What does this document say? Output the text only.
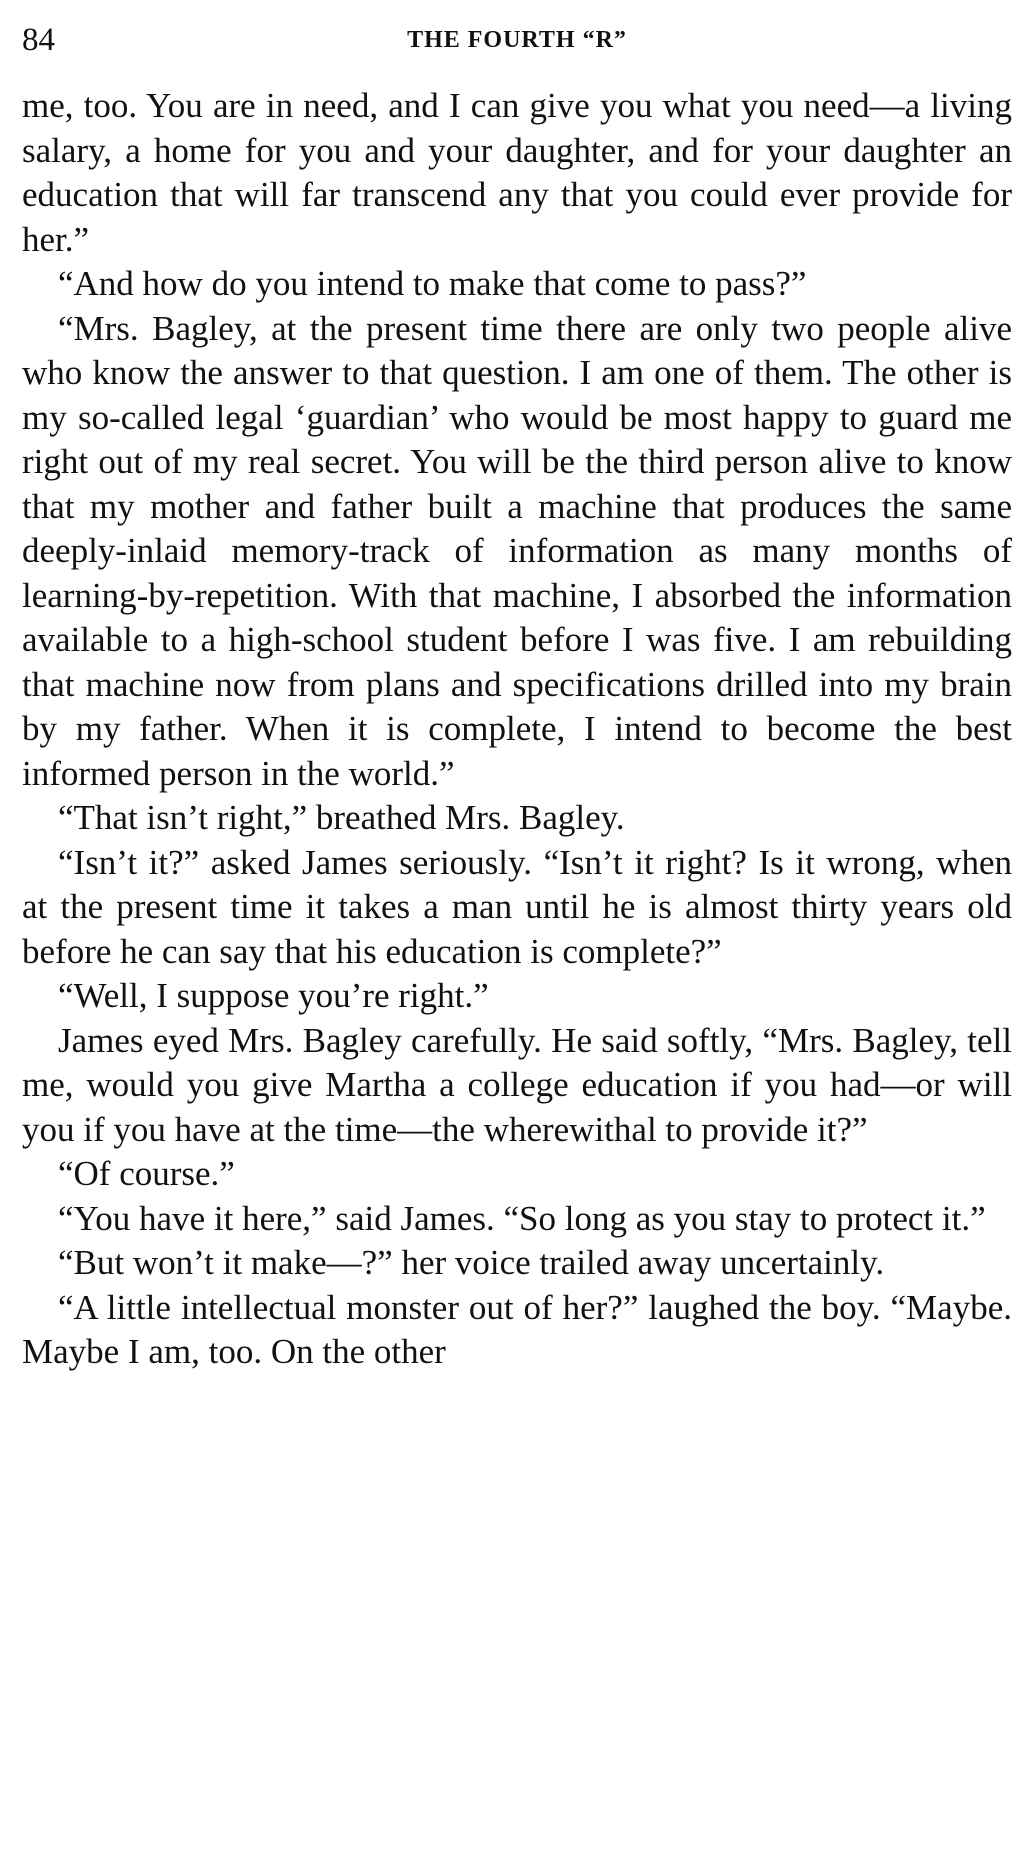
84	THE FOURTH “R”

me, too. You are in need, and I can give you what you need—a living salary, a home for you and your daughter, and for your daughter an education that will far transcend any that you could ever provide for her.”

“And how do you intend to make that come to pass?”

“Mrs. Bagley, at the present time there are only two people alive who know the answer to that question. I am one of them. The other is my so-called legal ‘guardian’ who would be most happy to guard me right out of my real secret. You will be the third person alive to know that my mother and father built a machine that produces the same deeply-inlaid memory-track of information as many months of learning-by-repetition. With that machine, I absorbed the information available to a high-school student before I was five. I am rebuilding that machine now from plans and specifications drilled into my brain by my father. When it is complete, I intend to become the best informed person in the world.”

“That isn’t right,” breathed Mrs. Bagley.

“Isn’t it?” asked James seriously. “Isn’t it right? Is it wrong, when at the present time it takes a man until he is almost thirty years old before he can say that his education is complete?”

“Well, I suppose you’re right.”

James eyed Mrs. Bagley carefully. He said softly, “Mrs. Bagley, tell me, would you give Martha a college education if you had—or will you if you have at the time—the wherewithal to provide it?”

“Of course.”

“You have it here,” said James. “So long as you stay to protect it.”

“But won’t it make—?” her voice trailed away uncertainly.

“A little intellectual monster out of her?” laughed the boy. “Maybe. Maybe I am, too. On the other
